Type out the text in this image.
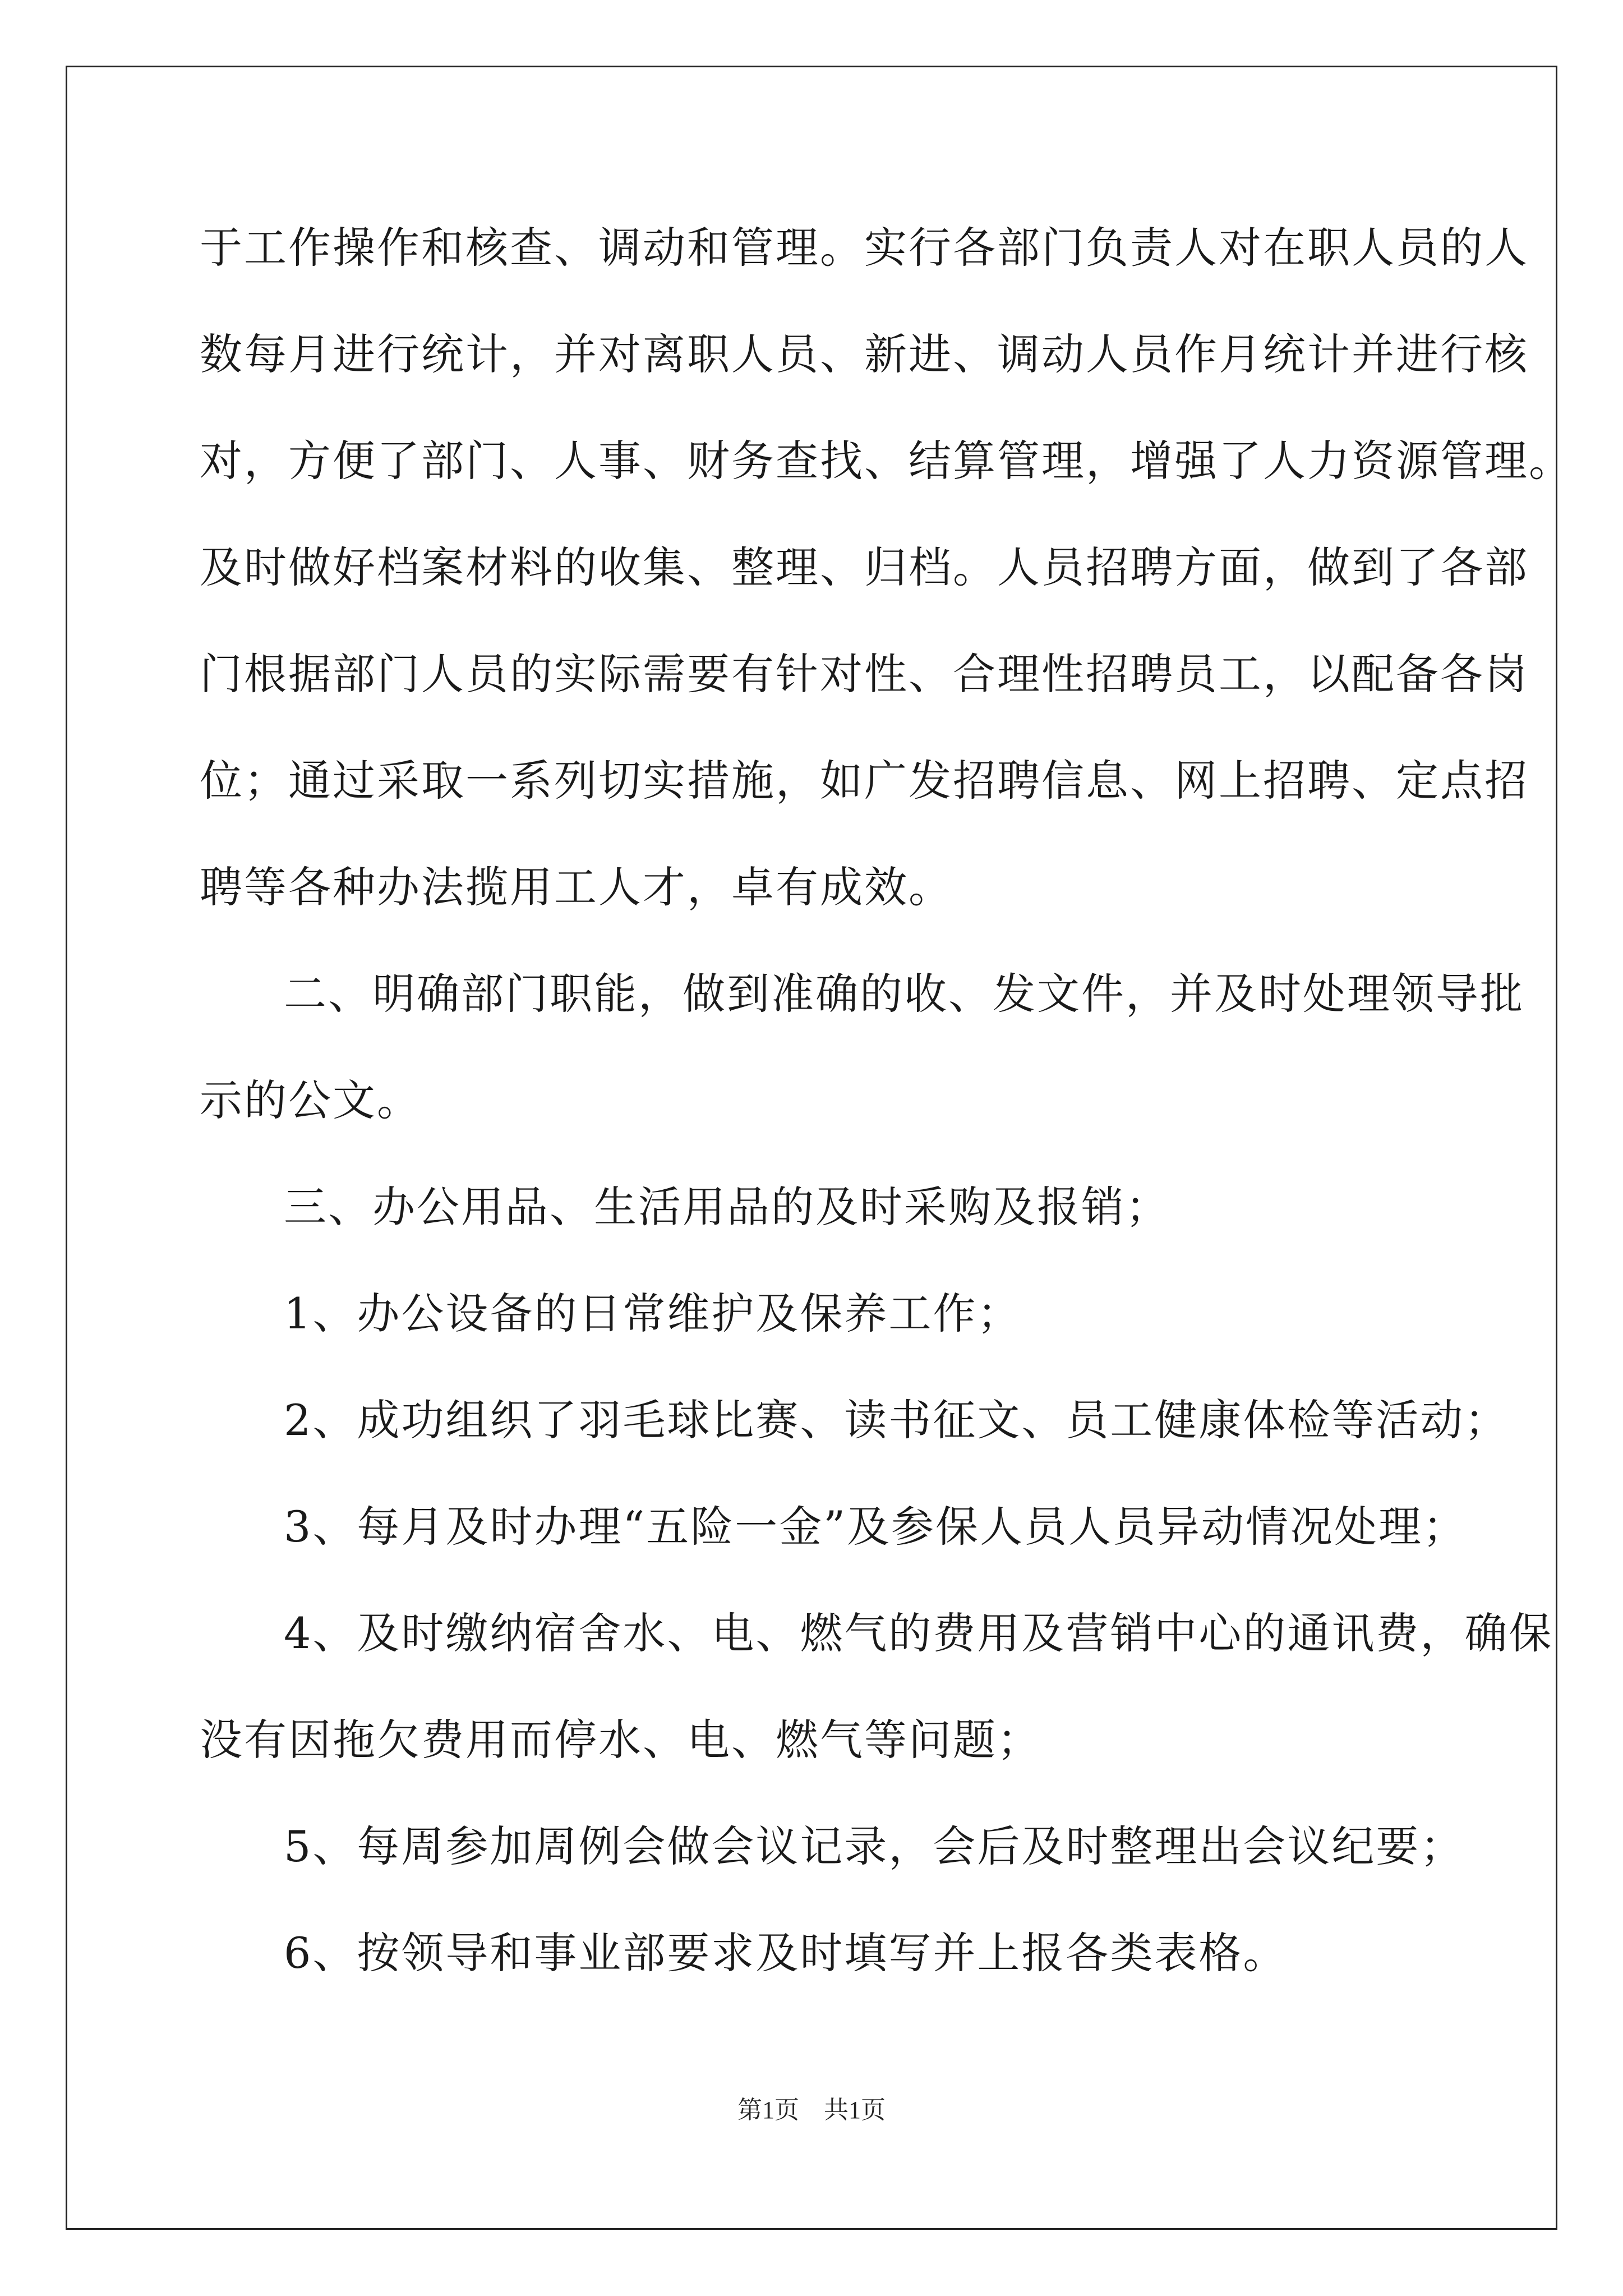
于工作操作和核查、调动和管理。实行各部门负责人对在职人员的人
数每月进行统计，并对离职人员、新进、调动人员作月统计并进行核
对，方便了部门、人事、财务查找、结算管理，增强了人力资源管理。
及时做好档案材料的收集、整理、归档。人员招聘方面，做到了各部
门根据部门人员的实际需要有针对性、合理性招聘员工，以配备各岗
位；通过采取一系列切实措施，如广发招聘信息、网上招聘、定点招
聘等各种办法揽用工人才，卓有成效。
二、明确部门职能，做到准确的收、发文件，并及时处理领导批
示的公文。
三、办公用品、生活用品的及时采购及报销；
1、办公设备的日常维护及保养工作；
2、成功组织了羽毛球比赛、读书征文、员工健康体检等活动；
3、每月及时办理“五险一金”及参保人员人员异动情况处理；
4、及时缴纳宿舍水、电、燃气的费用及营销中心的通讯费，确保
没有因拖欠费用而停水、电、燃气等问题；
5、每周参加周例会做会议记录，会后及时整理出会议纪要；
6、按领导和事业部要求及时填写并上报各类表格。
第1页　共1页
